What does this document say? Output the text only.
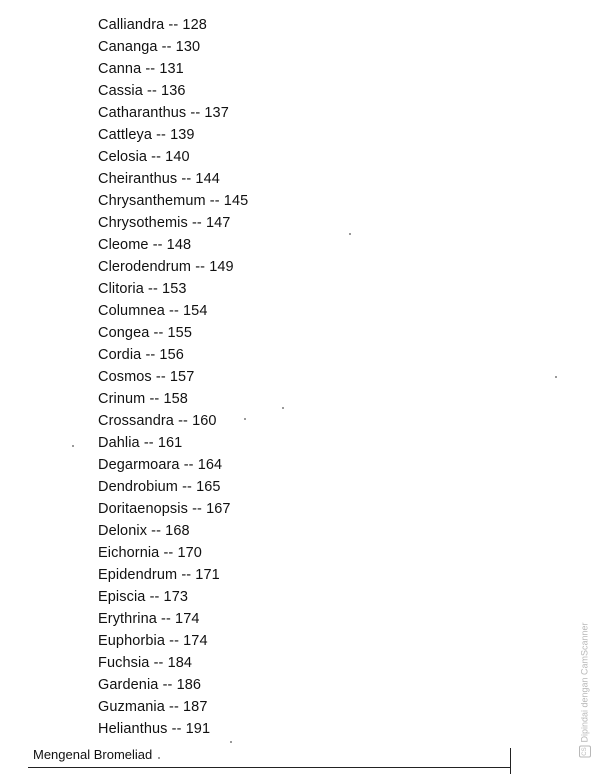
Calliandra -- 128
Cananga -- 130
Canna -- 131
Cassia -- 136
Catharanthus -- 137
Cattleya -- 139
Celosia -- 140
Cheiranthus -- 144
Chrysanthemum -- 145
Chrysothemis -- 147
Cleome -- 148
Clerodendrum -- 149
Clitoria -- 153
Columnea -- 154
Congea -- 155
Cordia -- 156
Cosmos -- 157
Crinum -- 158
Crossandra -- 160
Dahlia -- 161
Degarmoara -- 164
Dendrobium -- 165
Doritaenopsis -- 167
Delonix -- 168
Eichornia -- 170
Epidendrum -- 171
Episcia -- 173
Erythrina -- 174
Euphorbia -- 174
Fuchsia -- 184
Gardenia -- 186
Guzmania -- 187
Helianthus -- 191
Mengenal Bromeliad	CSDipindai dengan CamScanner
